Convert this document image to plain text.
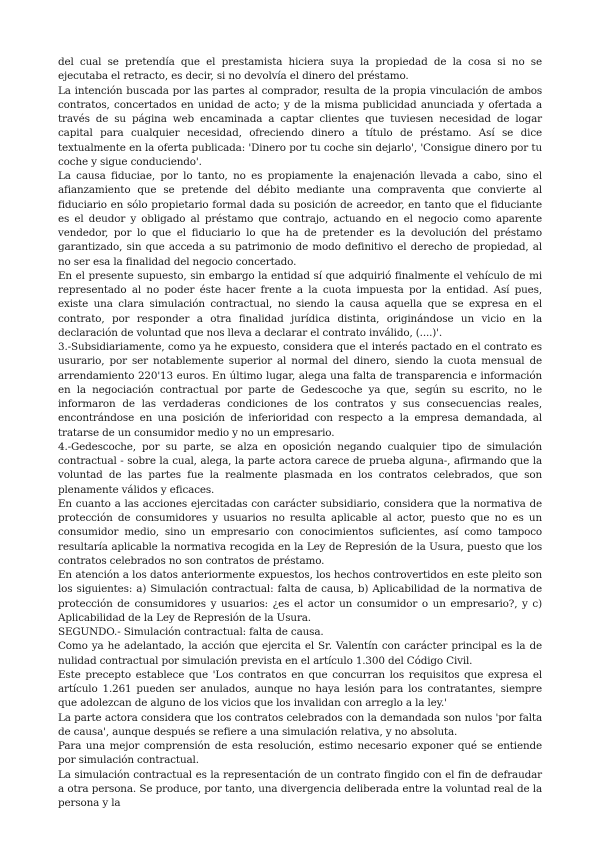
del cual se pretendía que el prestamista hiciera suya la propiedad de la cosa si no se ejecutaba el retracto, es decir, si no devolvía el dinero del préstamo.

La intención buscada por las partes al comprador, resulta de la propia vinculación de ambos contratos, concertados en unidad de acto; y de la misma publicidad anunciada y ofertada a través de su página web encaminada a captar clientes que tuviesen necesidad de logar capital para cualquier necesidad, ofreciendo dinero a título de préstamo. Así se dice textualmente en la oferta publicada: 'Dinero por tu coche sin dejarlo', 'Consigue dinero por tu coche y sigue conduciendo'.

La causa fiduciae, por lo tanto, no es propiamente la enajenación llevada a cabo, sino el afianzamiento que se pretende del débito mediante una compraventa que convierte al fiduciario en sólo propietario formal dada su posición de acreedor, en tanto que el fiduciante es el deudor y obligado al préstamo que contrajo, actuando en el negocio como aparente vendedor, por lo que el fiduciario lo que ha de pretender es la devolución del préstamo garantizado, sin que acceda a su patrimonio de modo definitivo el derecho de propiedad, al no ser esa la finalidad del negocio concertado.

En el presente supuesto, sin embargo la entidad sí que adquirió finalmente el vehículo de mi representado al no poder éste hacer frente a la cuota impuesta por la entidad. Así pues, existe una clara simulación contractual, no siendo la causa aquella que se expresa en el contrato, por responder a otra finalidad jurídica distinta, originándose un vicio en la declaración de voluntad que nos lleva a declarar el contrato inválido, (....)'.

3.-Subsidiariamente, como ya he expuesto, considera que el interés pactado en el contrato es usurario, por ser notablemente superior al normal del dinero, siendo la cuota mensual de arrendamiento 220'13 euros. En último lugar, alega una falta de transparencia e información en la negociación contractual por parte de Gedescoche ya que, según su escrito, no le informaron de las verdaderas condiciones de los contratos y sus consecuencias reales, encontrándose en una posición de inferioridad con respecto a la empresa demandada, al tratarse de un consumidor medio y no un empresario.

4.-Gedescoche, por su parte, se alza en oposición negando cualquier tipo de simulación contractual - sobre la cual, alega, la parte actora carece de prueba alguna-, afirmando que la voluntad de las partes fue la realmente plasmada en los contratos celebrados, que son plenamente válidos y eficaces.

En cuanto a las acciones ejercitadas con carácter subsidiario, considera que la normativa de protección de consumidores y usuarios no resulta aplicable al actor, puesto que no es un consumidor medio, sino un empresario con conocimientos suficientes, así como tampoco resultaría aplicable la normativa recogida en la Ley de Represión de la Usura, puesto que los contratos celebrados no son contratos de préstamo.

En atención a los datos anteriormente expuestos, los hechos controvertidos en este pleito son los siguientes: a) Simulación contractual: falta de causa, b) Aplicabilidad de la normativa de protección de consumidores y usuarios: ¿es el actor un consumidor o un empresario?, y c) Aplicabilidad de la Ley de Represión de la Usura.

SEGUNDO.- Simulación contractual: falta de causa.

Como ya he adelantado, la acción que ejercita el Sr. Valentín con carácter principal es la de nulidad contractual por simulación prevista en el artículo 1.300 del Código Civil.

Este precepto establece que 'Los contratos en que concurran los requisitos que expresa el artículo 1.261 pueden ser anulados, aunque no haya lesión para los contratantes, siempre que adolezcan de alguno de los vicios que los invalidan con arreglo a la ley.'

La parte actora considera que los contratos celebrados con la demandada son nulos 'por falta de causa', aunque después se refiere a una simulación relativa, y no absoluta.

Para una mejor comprensión de esta resolución, estimo necesario exponer qué se entiende por simulación contractual.

La simulación contractual es la representación de un contrato fingido con el fin de defraudar a otra persona. Se produce, por tanto, una divergencia deliberada entre la voluntad real de la persona y la
